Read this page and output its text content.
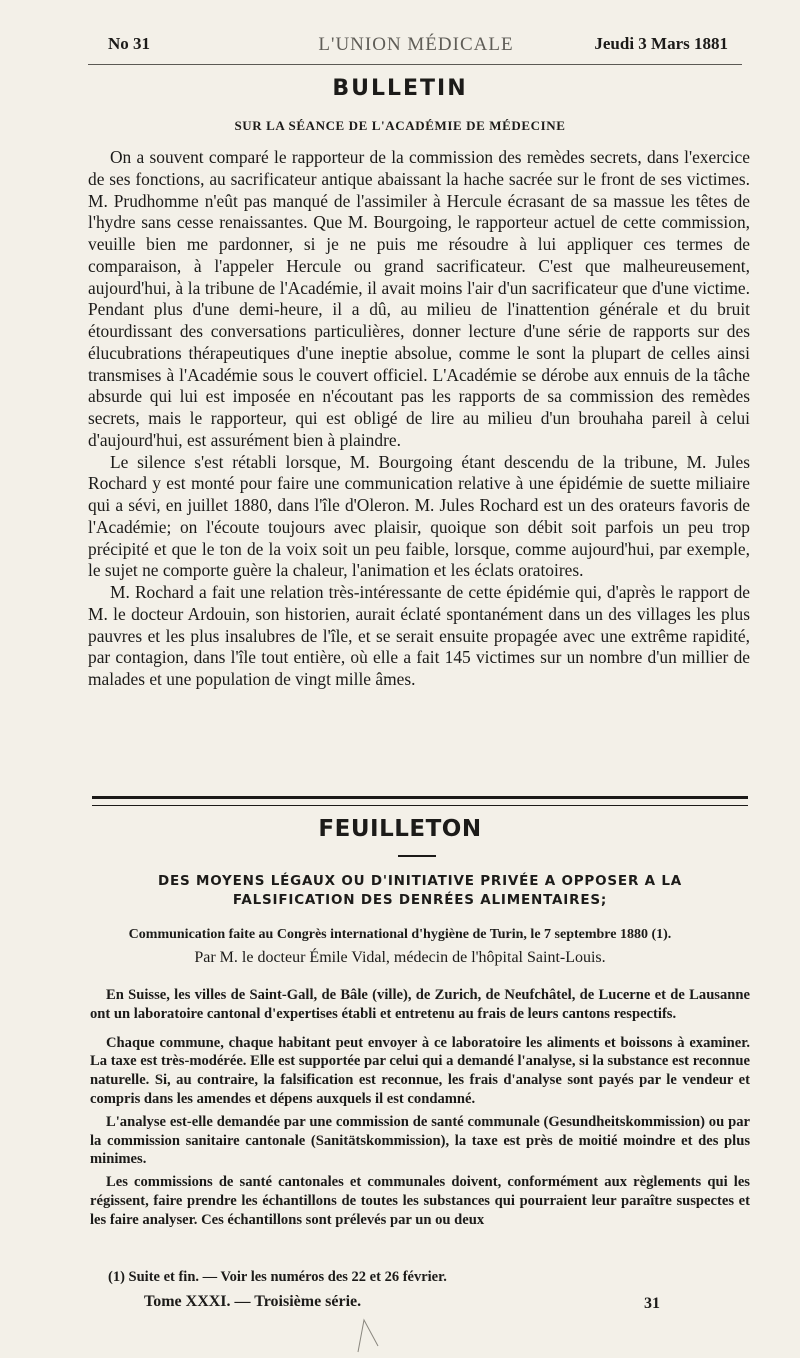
No 31	L'UNION MÉDICALE	Jeudi 3 Mars 1881
BULLETIN
SUR LA SÉANCE DE L'ACADÉMIE DE MÉDECINE

On a souvent comparé le rapporteur de la commission des remèdes secrets, dans l'exercice de ses fonctions, au sacrificateur antique abaissant la hache sacrée sur le front de ses victimes. M. Prudhomme n'eût pas manqué de l'assimiler à Hercule écrasant de sa massue les têtes de l'hydre sans cesse renaissantes. Que M. Bourgoing, le rapporteur actuel de cette commission, veuille bien me pardonner, si je ne puis me résoudre à lui appliquer ces termes de comparaison, à l'appeler Hercule ou grand sacrificateur. C'est que malheureusement, aujourd'hui, à la tribune de l'Académie, il avait moins l'air d'un sacrificateur que d'une victime. Pendant plus d'une demi-heure, il a dû, au milieu de l'inattention générale et du bruit étourdissant des conversations particulières, donner lecture d'une série de rapports sur des élucubrations thérapeutiques d'une ineptie absolue, comme le sont la plupart de celles ainsi transmises à l'Académie sous le couvert officiel. L'Académie se dérobe aux ennuis de la tâche absurde qui lui est imposée en n'écoutant pas les rapports de sa commission des remèdes secrets, mais le rapporteur, qui est obligé de lire au milieu d'un brouhaha pareil à celui d'aujourd'hui, est assurément bien à plaindre.

Le silence s'est rétabli lorsque, M. Bourgoing étant descendu de la tribune, M. Jules Rochard y est monté pour faire une communication relative à une épidémie de suette miliaire qui a sévi, en juillet 1880, dans l'île d'Oleron. M. Jules Rochard est un des orateurs favoris de l'Académie; on l'écoute toujours avec plaisir, quoique son débit soit parfois un peu trop précipité et que le ton de la voix soit un peu faible, lorsque, comme aujourd'hui, par exemple, le sujet ne comporte guère la chaleur, l'animation et les éclats oratoires.

M. Rochard a fait une relation très-intéressante de cette épidémie qui, d'après le rapport de M. le docteur Ardouin, son historien, aurait éclaté spontanément dans un des villages les plus pauvres et les plus insalubres de l'île, et se serait ensuite propagée avec une extrême rapidité, par contagion, dans l'île tout entière, où elle a fait 145 victimes sur un nombre d'un millier de malades et une population de vingt mille âmes.

FEUILLETON
DES MOYENS LÉGAUX OU D'INITIATIVE PRIVÉE A OPPOSER A LA FALSIFICATION DES DENRÉES ALIMENTAIRES;
Communication faite au Congrès international d'hygiène de Turin, le 7 septembre 1880 (1).
Par M. le docteur Émile Vidal, médecin de l'hôpital Saint-Louis.

En Suisse, les villes de Saint-Gall, de Bâle (ville), de Zurich, de Neufchâtel, de Lucerne et de Lausanne ont un laboratoire cantonal d'expertises établi et entretenu au frais de leurs cantons respectifs.

Chaque commune, chaque habitant peut envoyer à ce laboratoire les aliments et boissons à examiner. La taxe est très-modérée. Elle est supportée par celui qui a demandé l'analyse, si la substance est reconnue naturelle. Si, au contraire, la falsification est reconnue, les frais d'analyse sont payés par le vendeur et compris dans les amendes et dépens auxquels il est condamné.

L'analyse est-elle demandée par une commission de santé communale (Gesundheitskommission) ou par la commission sanitaire cantonale (Sanitätskommission), la taxe est près de moitié moindre et des plus minimes.

Les commissions de santé cantonales et communales doivent, conformément aux règlements qui les régissent, faire prendre les échantillons de toutes les substances qui pourraient leur paraître suspectes et les faire analyser. Ces échantillons sont prélevés par un ou deux

(1) Suite et fin. — Voir les numéros des 22 et 26 février.
Tome XXXI. — Troisième série.	31
